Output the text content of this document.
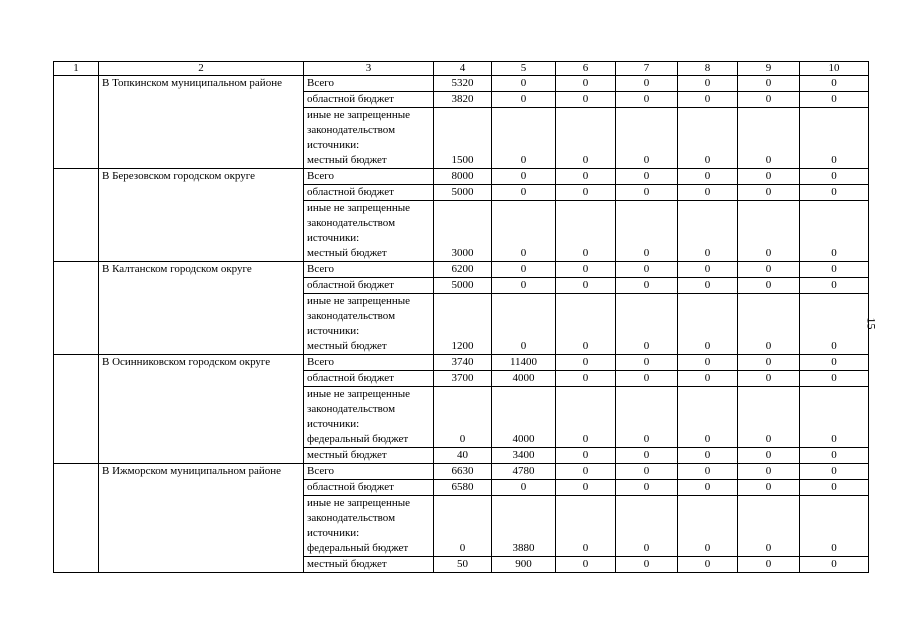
1	2	3	4	5	6	7	8	9	10
	В Топкинском муниципальном районе	Всего	5320	0	0	0	0	0	0
		областной бюджет	3820	0	0	0	0	0	0

		иные не запрещенные
законодательством
источники:
местный бюджет	1500	0	0	0	0	0	0
	В Березовском городском округе	Всего	8000	0	0	0	0	0	0
		областной бюджет	5000	0	0	0	0	0	0

		иные не запрещенные
законодательством
источники:
местный бюджет	3000	0	0	0	0	0	0
	В Калтанском городском округе	Всего	6200	0	0	0	0	0	0
		областной бюджет	5000	0	0	0	0	0	0

		иные не запрещенные
законодательством
источники:
местный бюджет	1200	0	0	0	0	0	0
	В Осинниковском городском округе	Всего	3740	11400	0	0	0	0	0
		областной бюджет	3700	4000	0	0	0	0	0

		иные не запрещенные
законодательством
источники:
федеральный бюджет	0	4000	0	0	0	0	0

		местный бюджет	40	3400	0	0	0	0	0
	В Ижморском муниципальном районе	Всего	6630	4780	0	0	0	0	0
		областной бюджет	6580	0	0	0	0	0	0

		иные не запрещенные
законодательством
источники:
федеральный бюджет	0	3880	0	0	0	0	0

		местный бюджет	50	900	0	0	0	0	0
15
